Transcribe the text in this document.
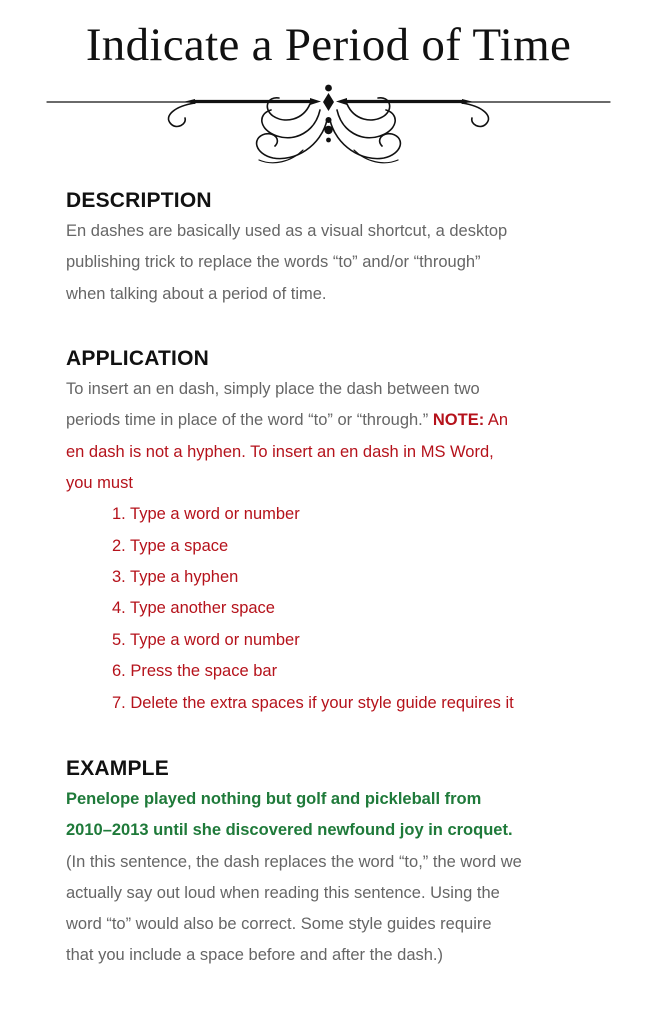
Indicate a Period of Time
DESCRIPTION
En dashes are basically used as a visual shortcut, a desktop
publishing trick to replace the words “to” and/or “through”
when talking about a period of time.
APPLICATION
To insert an en dash, simply place the dash between two
periods time in place of the word “to” or “through.” NOTE: An
en dash is not a hyphen. To insert an en dash in MS Word,
you must
1. Type a word or number
2. Type a space
3. Type a hyphen
4. Type another space
5. Type a word or number
6. Press the space bar
7. Delete the extra spaces if your style guide requires it
EXAMPLE
Penelope played nothing but golf and pickleball from
2010–2013 until she discovered newfound joy in croquet.
(In this sentence, the dash replaces the word “to,” the word we
actually say out loud when reading this sentence. Using the
word “to” would also be correct. Some style guides require
that you include a space before and after the dash.)
